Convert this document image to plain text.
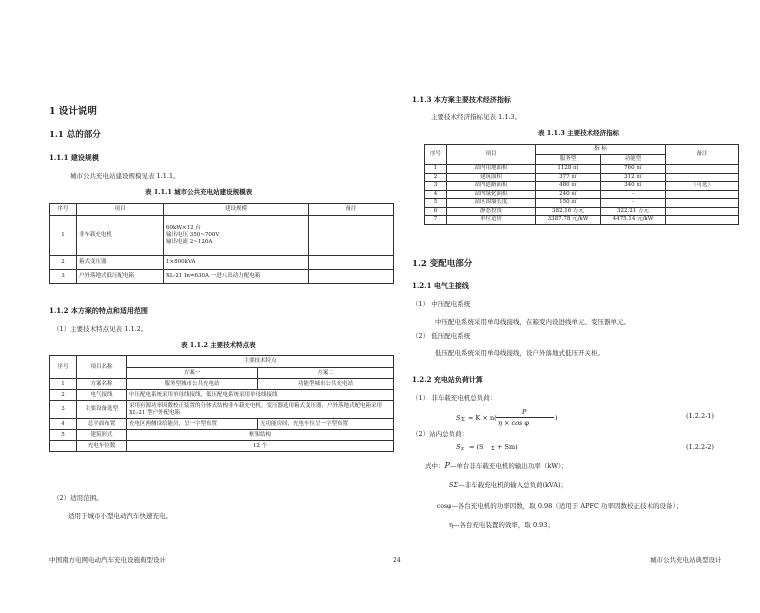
1 设计说明
1.1 总的部分
1.1.1 建设规模
城市公共充电站建设规模见表 1.1.1。
表 1.1.1 城市公共充电站建设规模表
序号	项目	建设规模	备注
1	非车载充电机	60kW×12 台
输出电压 350~700V
输出电流 2~120A	

2	箱式变压器	1×800kVA	
3	户外落地式低压配电箱	XL-21 In=630A 一进八出动力配电箱	
1.1.2 本方案的特点和适用范围
（1）主要技术特点见表 1.1.2。
表 1.1.2 主要技术特点表
序号	项目名称	主要技术特点	
		方案一	方案二
1	方案名称	服务型城市公共充电站	功能型城市公共充电站
2	电气接线	中压配电系统采用单母线接线，低压配电系统采用单母线接线	
3	主要设备选型	采用有源功率因数校正装置的分体式结构非车载充电机，变压器选用箱式变压器，户外落地式配电箱采用 XL-21 型户外配电箱	
4	总平面布置	充电区两侧设给能房，呈一字型布置	无功能房间，充电车位呈一字型布置
5	建筑形式	框架结构	
	充电车位数	12 个	
（2）适用范围。
适用于城市小型电动汽车快速充电。
1.1.3 本方案主要技术经济指标
主要技术经济指标见表 1.1.3。
表 1.1.3 主要技术经济指标
序号	项目	指 标		备注
		服务型	功能型	
1	站内用地面积	1128 ㎡	760 ㎡	
2	建筑面积	377 ㎡	312 ㎡	
3	站内道路面积	480 ㎡	340 ㎡	（可选）
4	站内绿化面积	240 ㎡	-	
5	站区围墙长度	150 ㎡	-	
6	静态投资	382.16 万元	322.21 万元	
7	单位造价	3387.78 元/kW	4475.14 元/kW	
1.2 变配电部分
1.2.1 电气主接线
（1） 中压配电系统
中压配电系统采用单母线接线，在箱变内设进线单元、变压器单元。
（2） 低压配电系统
低压配电系统采用单母线接线，设户外落地式低压开关柜。
1.2.2 充电站负荷计算
（1） 非车载充电机总负荷：
S Σ = K × n(
P
η × cos φ
)	(1.2.2-1)
（2）站内总负荷：
S z = (S Σ + Sm)	(1.2.2-2)
式中：P—单台非车载充电机的输出功率（kW）；
SΣ—非车载充电机的输入总负荷(kVA)；
cosφ—各台充电机的功率因数，取 0.98（适用于 APFC 功率因数校正技术的设备）；
η—各台充电装置的效率，取 0.93；
中国南方电网电动汽车充电设施典型设计	24	城市公共充电站典型设计
